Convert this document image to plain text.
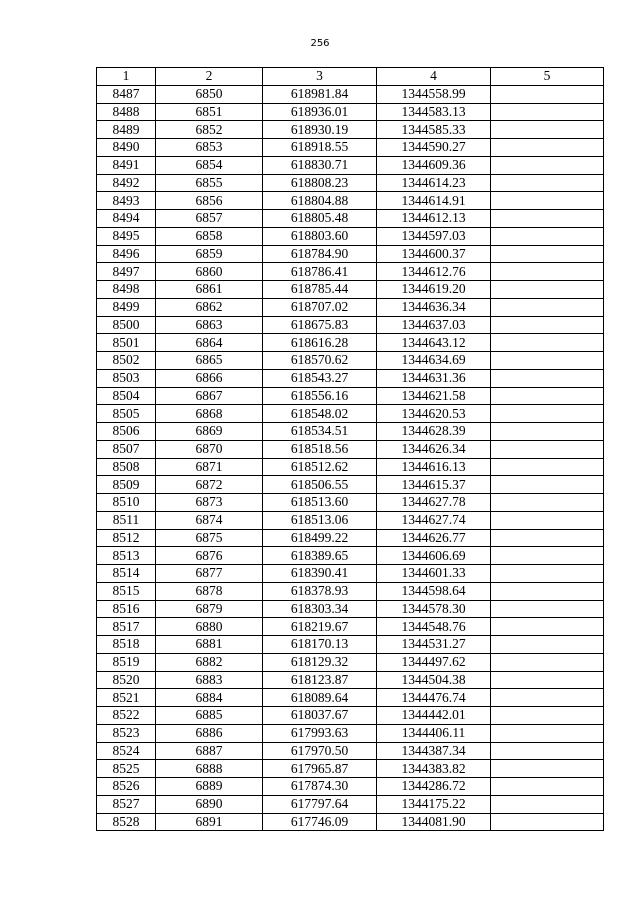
256
1	2	3	4	5
8487	6850	618981.84	1344558.99	
8488	6851	618936.01	1344583.13	
8489	6852	618930.19	1344585.33	
8490	6853	618918.55	1344590.27	
8491	6854	618830.71	1344609.36	
8492	6855	618808.23	1344614.23	
8493	6856	618804.88	1344614.91	
8494	6857	618805.48	1344612.13	
8495	6858	618803.60	1344597.03	
8496	6859	618784.90	1344600.37	
8497	6860	618786.41	1344612.76	
8498	6861	618785.44	1344619.20	
8499	6862	618707.02	1344636.34	
8500	6863	618675.83	1344637.03	
8501	6864	618616.28	1344643.12	
8502	6865	618570.62	1344634.69	
8503	6866	618543.27	1344631.36	
8504	6867	618556.16	1344621.58	
8505	6868	618548.02	1344620.53	
8506	6869	618534.51	1344628.39	
8507	6870	618518.56	1344626.34	
8508	6871	618512.62	1344616.13	
8509	6872	618506.55	1344615.37	
8510	6873	618513.60	1344627.78	
8511	6874	618513.06	1344627.74	
8512	6875	618499.22	1344626.77	
8513	6876	618389.65	1344606.69	
8514	6877	618390.41	1344601.33	
8515	6878	618378.93	1344598.64	
8516	6879	618303.34	1344578.30	
8517	6880	618219.67	1344548.76	
8518	6881	618170.13	1344531.27	
8519	6882	618129.32	1344497.62	
8520	6883	618123.87	1344504.38	
8521	6884	618089.64	1344476.74	
8522	6885	618037.67	1344442.01	
8523	6886	617993.63	1344406.11	
8524	6887	617970.50	1344387.34	
8525	6888	617965.87	1344383.82	
8526	6889	617874.30	1344286.72	
8527	6890	617797.64	1344175.22	
8528	6891	617746.09	1344081.90	
